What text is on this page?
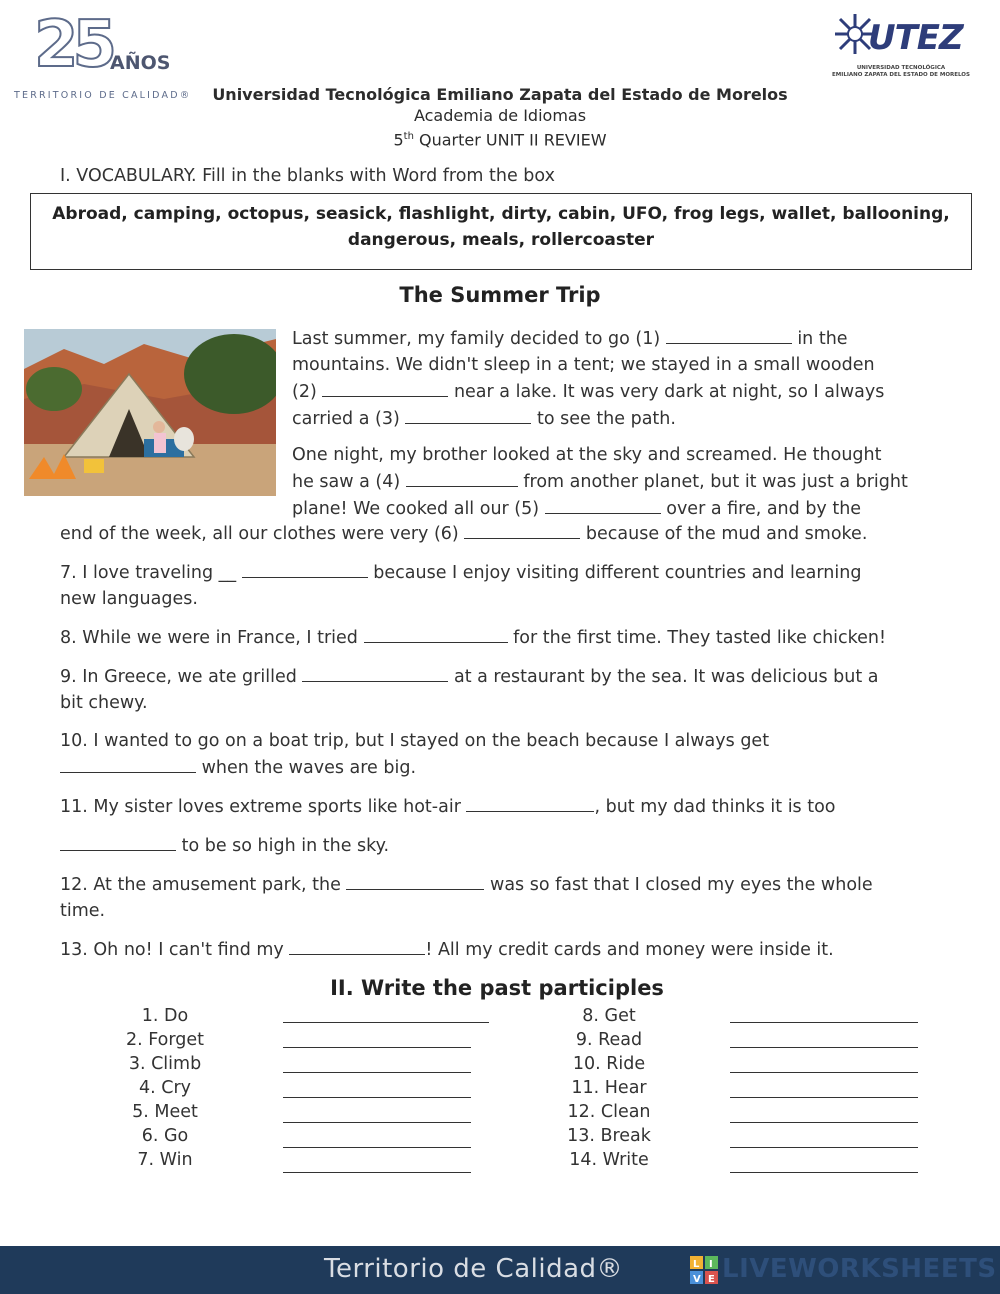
25
AÑOS
TERRITORIO DE CALIDAD®
UTEZ
UNIVERSIDAD TECNOLÓGICA
EMILIANO ZAPATA DEL ESTADO DE MORELOS
Universidad Tecnológica Emiliano Zapata del Estado de Morelos
Academia de Idiomas
5th Quarter UNIT II REVIEW
I. VOCABULARY. Fill in the blanks with Word from the box
Abroad, camping, octopus, seasick, flashlight, dirty, cabin, UFO, frog legs, wallet, ballooning,
dangerous, meals, rollercoaster
The Summer Trip
Last summer, my family decided to go (1)	in the
mountains. We didn't sleep in a tent; we stayed in a small wooden
(2)	near a lake. It was very dark at night, so I always
carried a (3)	to see the path.
One night, my brother looked at the sky and screamed. He thought
he saw a (4)	from another planet, but it was just a bright
plane! We cooked all our (5)	over a fire, and by the
end of the week, all our clothes were very (6)	because of the mud and smoke.
7. I love traveling __	because I enjoy visiting different countries and learning
new languages.
8. While we were in France, I tried	for the first time. They tasted like chicken!
9. In Greece, we ate grilled	at a restaurant by the sea. It was delicious but a
bit chewy.
10. I wanted to go on a boat trip, but I stayed on the beach because I always get
when the waves are big.
11. My sister loves extreme sports like hot-air	, but my dad thinks it is too
to be so high in the sky.
12. At the amusement park, the	was so fast that I closed my eyes the whole
time.
13. Oh no! I can't find my	! All my credit cards and money were inside it.
II. Write the past participles
1. Do
2. Forget
3. Climb
4. Cry
5. Meet
6. Go
7. Win
8. Get
9. Read
10. Ride
11. Hear
12. Clean
13. Break
14. Write
Territorio de Calidad®	L I
V E LIVEWORKSHEETS
